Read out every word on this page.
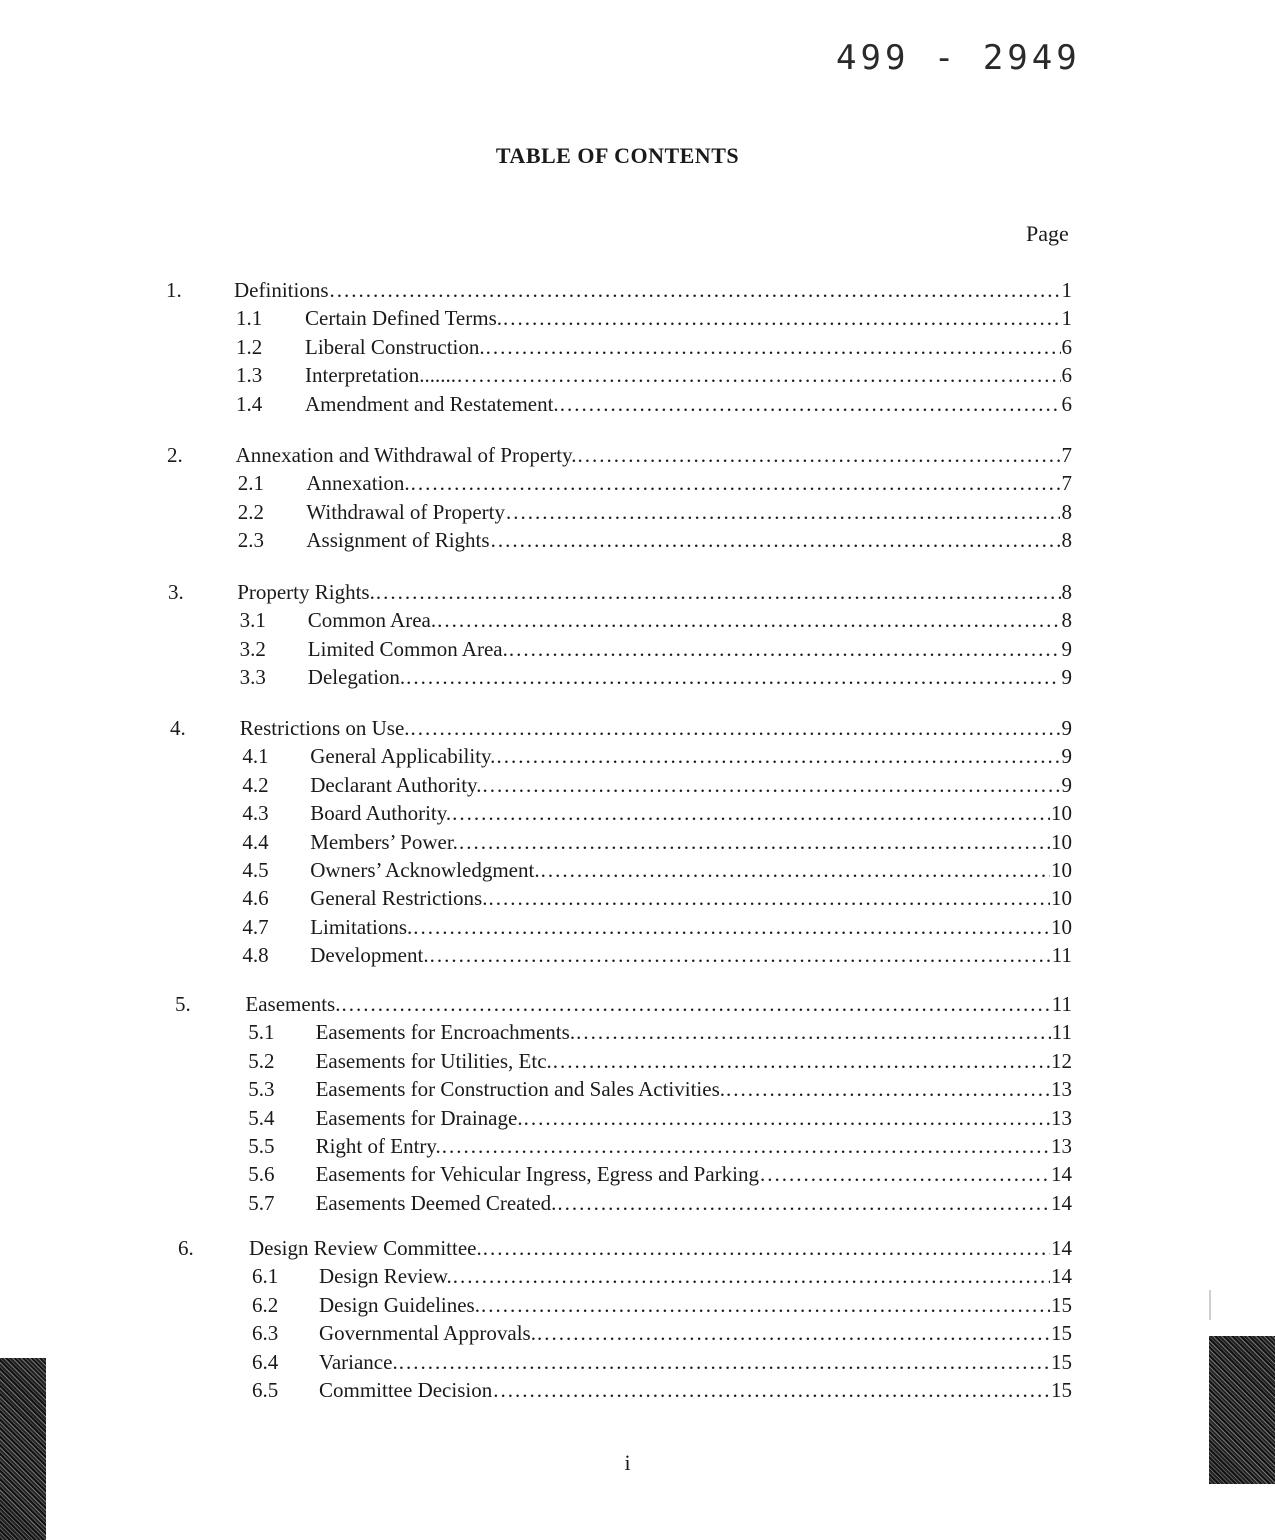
499 - 2949
TABLE OF CONTENTS
Page
1. Definitions .....	1
1.1 Certain Defined Terms. .....	1
1.2 Liberal Construction. .....	6
1.3 Interpretation....... .....	6
1.4 Amendment and Restatement. .....	6
2.	Annexation and Withdrawal of Property. .....	7
2.1 Annexation. .....	7
2.2 Withdrawal of Property .....	8
2.3 Assignment of Rights .....	8
3.	Property Rights. .....	8
3.1 Common Area. .....	8
3.2 Limited Common Area. .....	9
3.3 Delegation. .....	9
4.	Restrictions on Use. .....	9
4.1 General Applicability. .....	9
4.2 Declarant Authority. .....	9
4.3 Board Authority. .....	10
4.4 Members’ Power. .....	10
4.5 Owners’ Acknowledgment. .....	10
4.6 General Restrictions. .....	10
4.7 Limitations. .....	10
4.8 Development. .....	11
5.	Easements. .....	11
5.1 Easements for Encroachments. .....	11
5.2 Easements for Utilities, Etc. .....	12
5.3 Easements for Construction and Sales Activities. .....	13
5.4 Easements for Drainage. .....	13
5.5 Right of Entry. .....	13
5.6 Easements for Vehicular Ingress, Egress and Parking .....	14
5.7 Easements Deemed Created. .....	14
6.	Design Review Committee. .....	14
6.1 Design Review. .....	14
6.2 Design Guidelines. .....	15
6.3 Governmental Approvals. .....	15
6.4 Variance. .....	15
6.5 Committee Decision .....	15
i
